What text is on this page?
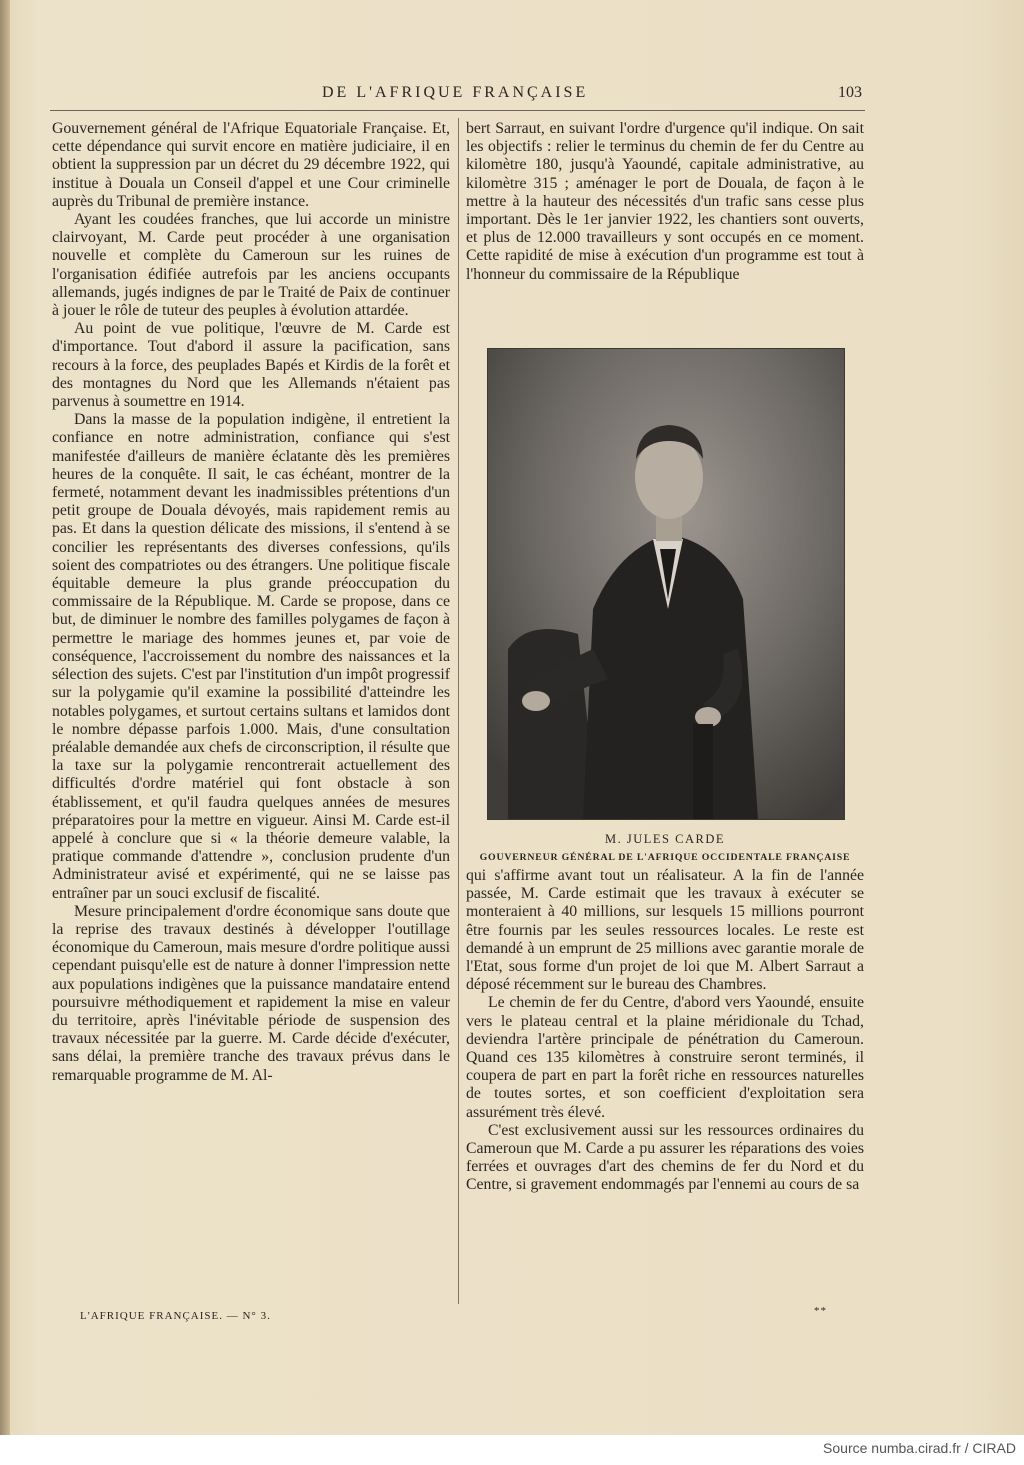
DE L'AFRIQUE FRANÇAISE	103

Gouvernement général de l'Afrique Equatoriale Française. Et, cette dépendance qui survit encore en matière judiciaire, il en obtient la suppression par un décret du 29 décembre 1922, qui institue à Douala un Conseil d'appel et une Cour criminelle auprès du Tribunal de première instance.

Ayant les coudées franches, que lui accorde un ministre clairvoyant, M. Carde peut procéder à une organisation nouvelle et complète du Cameroun sur les ruines de l'organisation édifiée autrefois par les anciens occupants allemands, jugés indignes de par le Traité de Paix de continuer à jouer le rôle de tuteur des peuples à évolution attardée.

Au point de vue politique, l'œuvre de M. Carde est d'importance. Tout d'abord il assure la pacification, sans recours à la force, des peuplades Bapés et Kirdis de la forêt et des montagnes du Nord que les Allemands n'étaient pas parvenus à soumettre en 1914.

Dans la masse de la population indigène, il entretient la confiance en notre administration, confiance qui s'est manifestée d'ailleurs de manière éclatante dès les premières heures de la conquête. Il sait, le cas échéant, montrer de la fermeté, notamment devant les inadmissibles prétentions d'un petit groupe de Douala dévoyés, mais rapidement remis au pas. Et dans la question délicate des missions, il s'entend à se concilier les représentants des diverses confessions, qu'ils soient des compatriotes ou des étrangers. Une politique fiscale équitable demeure la plus grande préoccupation du commissaire de la République. M. Carde se propose, dans ce but, de diminuer le nombre des familles polygames de façon à permettre le mariage des hommes jeunes et, par voie de conséquence, l'accroissement du nombre des naissances et la sélection des sujets. C'est par l'institution d'un impôt progressif sur la polygamie qu'il examine la possibilité d'atteindre les notables polygames, et surtout certains sultans et lamidos dont le nombre dépasse parfois 1.000. Mais, d'une consultation préalable demandée aux chefs de circonscription, il résulte que la taxe sur la polygamie rencontrerait actuellement des difficultés d'ordre matériel qui font obstacle à son établissement, et qu'il faudra quelques années de mesures préparatoires pour la mettre en vigueur. Ainsi M. Carde est-il appelé à conclure que si « la théorie demeure valable, la pratique commande d'attendre », conclusion prudente d'un Administrateur avisé et expérimenté, qui ne se laisse pas entraîner par un souci exclusif de fiscalité.

Mesure principalement d'ordre économique sans doute que la reprise des travaux destinés à développer l'outillage économique du Cameroun, mais mesure d'ordre politique aussi cependant puisqu'elle est de nature à donner l'impression nette aux populations indigènes que la puissance mandataire entend poursuivre méthodiquement et rapidement la mise en valeur du territoire, après l'inévitable période de suspension des travaux nécessitée par la guerre. M. Carde décide d'exécuter, sans délai, la première tranche des travaux prévus dans le remarquable programme de M. Al-

bert Sarraut, en suivant l'ordre d'urgence qu'il indique. On sait les objectifs : relier le terminus du chemin de fer du Centre au kilomètre 180, jusqu'à Yaoundé, capitale administrative, au kilomètre 315 ; aménager le port de Douala, de façon à le mettre à la hauteur des nécessités d'un trafic sans cesse plus important. Dès le 1er janvier 1922, les chantiers sont ouverts, et plus de 12.000 travailleurs y sont occupés en ce moment. Cette rapidité de mise à exécution d'un programme est tout à l'honneur du commissaire de la République

M. JULES CARDE
GOUVERNEUR GÉNÉRAL DE L'AFRIQUE OCCIDENTALE FRANÇAISE

qui s'affirme avant tout un réalisateur. A la fin de l'année passée, M. Carde estimait que les travaux à exécuter se monteraient à 40 millions, sur lesquels 15 millions pourront être fournis par les seules ressources locales. Le reste est demandé à un emprunt de 25 millions avec garantie morale de l'Etat, sous forme d'un projet de loi que M. Albert Sarraut a déposé récemment sur le bureau des Chambres.

Le chemin de fer du Centre, d'abord vers Yaoundé, ensuite vers le plateau central et la plaine méridionale du Tchad, deviendra l'artère principale de pénétration du Cameroun. Quand ces 135 kilomètres à construire seront terminés, il coupera de part en part la forêt riche en ressources naturelles de toutes sortes, et son coefficient d'exploitation sera assurément très élevé.

C'est exclusivement aussi sur les ressources ordinaires du Cameroun que M. Carde a pu assurer les réparations des voies ferrées et ouvrages d'art des chemins de fer du Nord et du Centre, si gravement endommagés par l'ennemi au cours de sa

L'AFRIQUE FRANÇAISE. — N° 3.	**
Source numba.cirad.fr / CIRAD
